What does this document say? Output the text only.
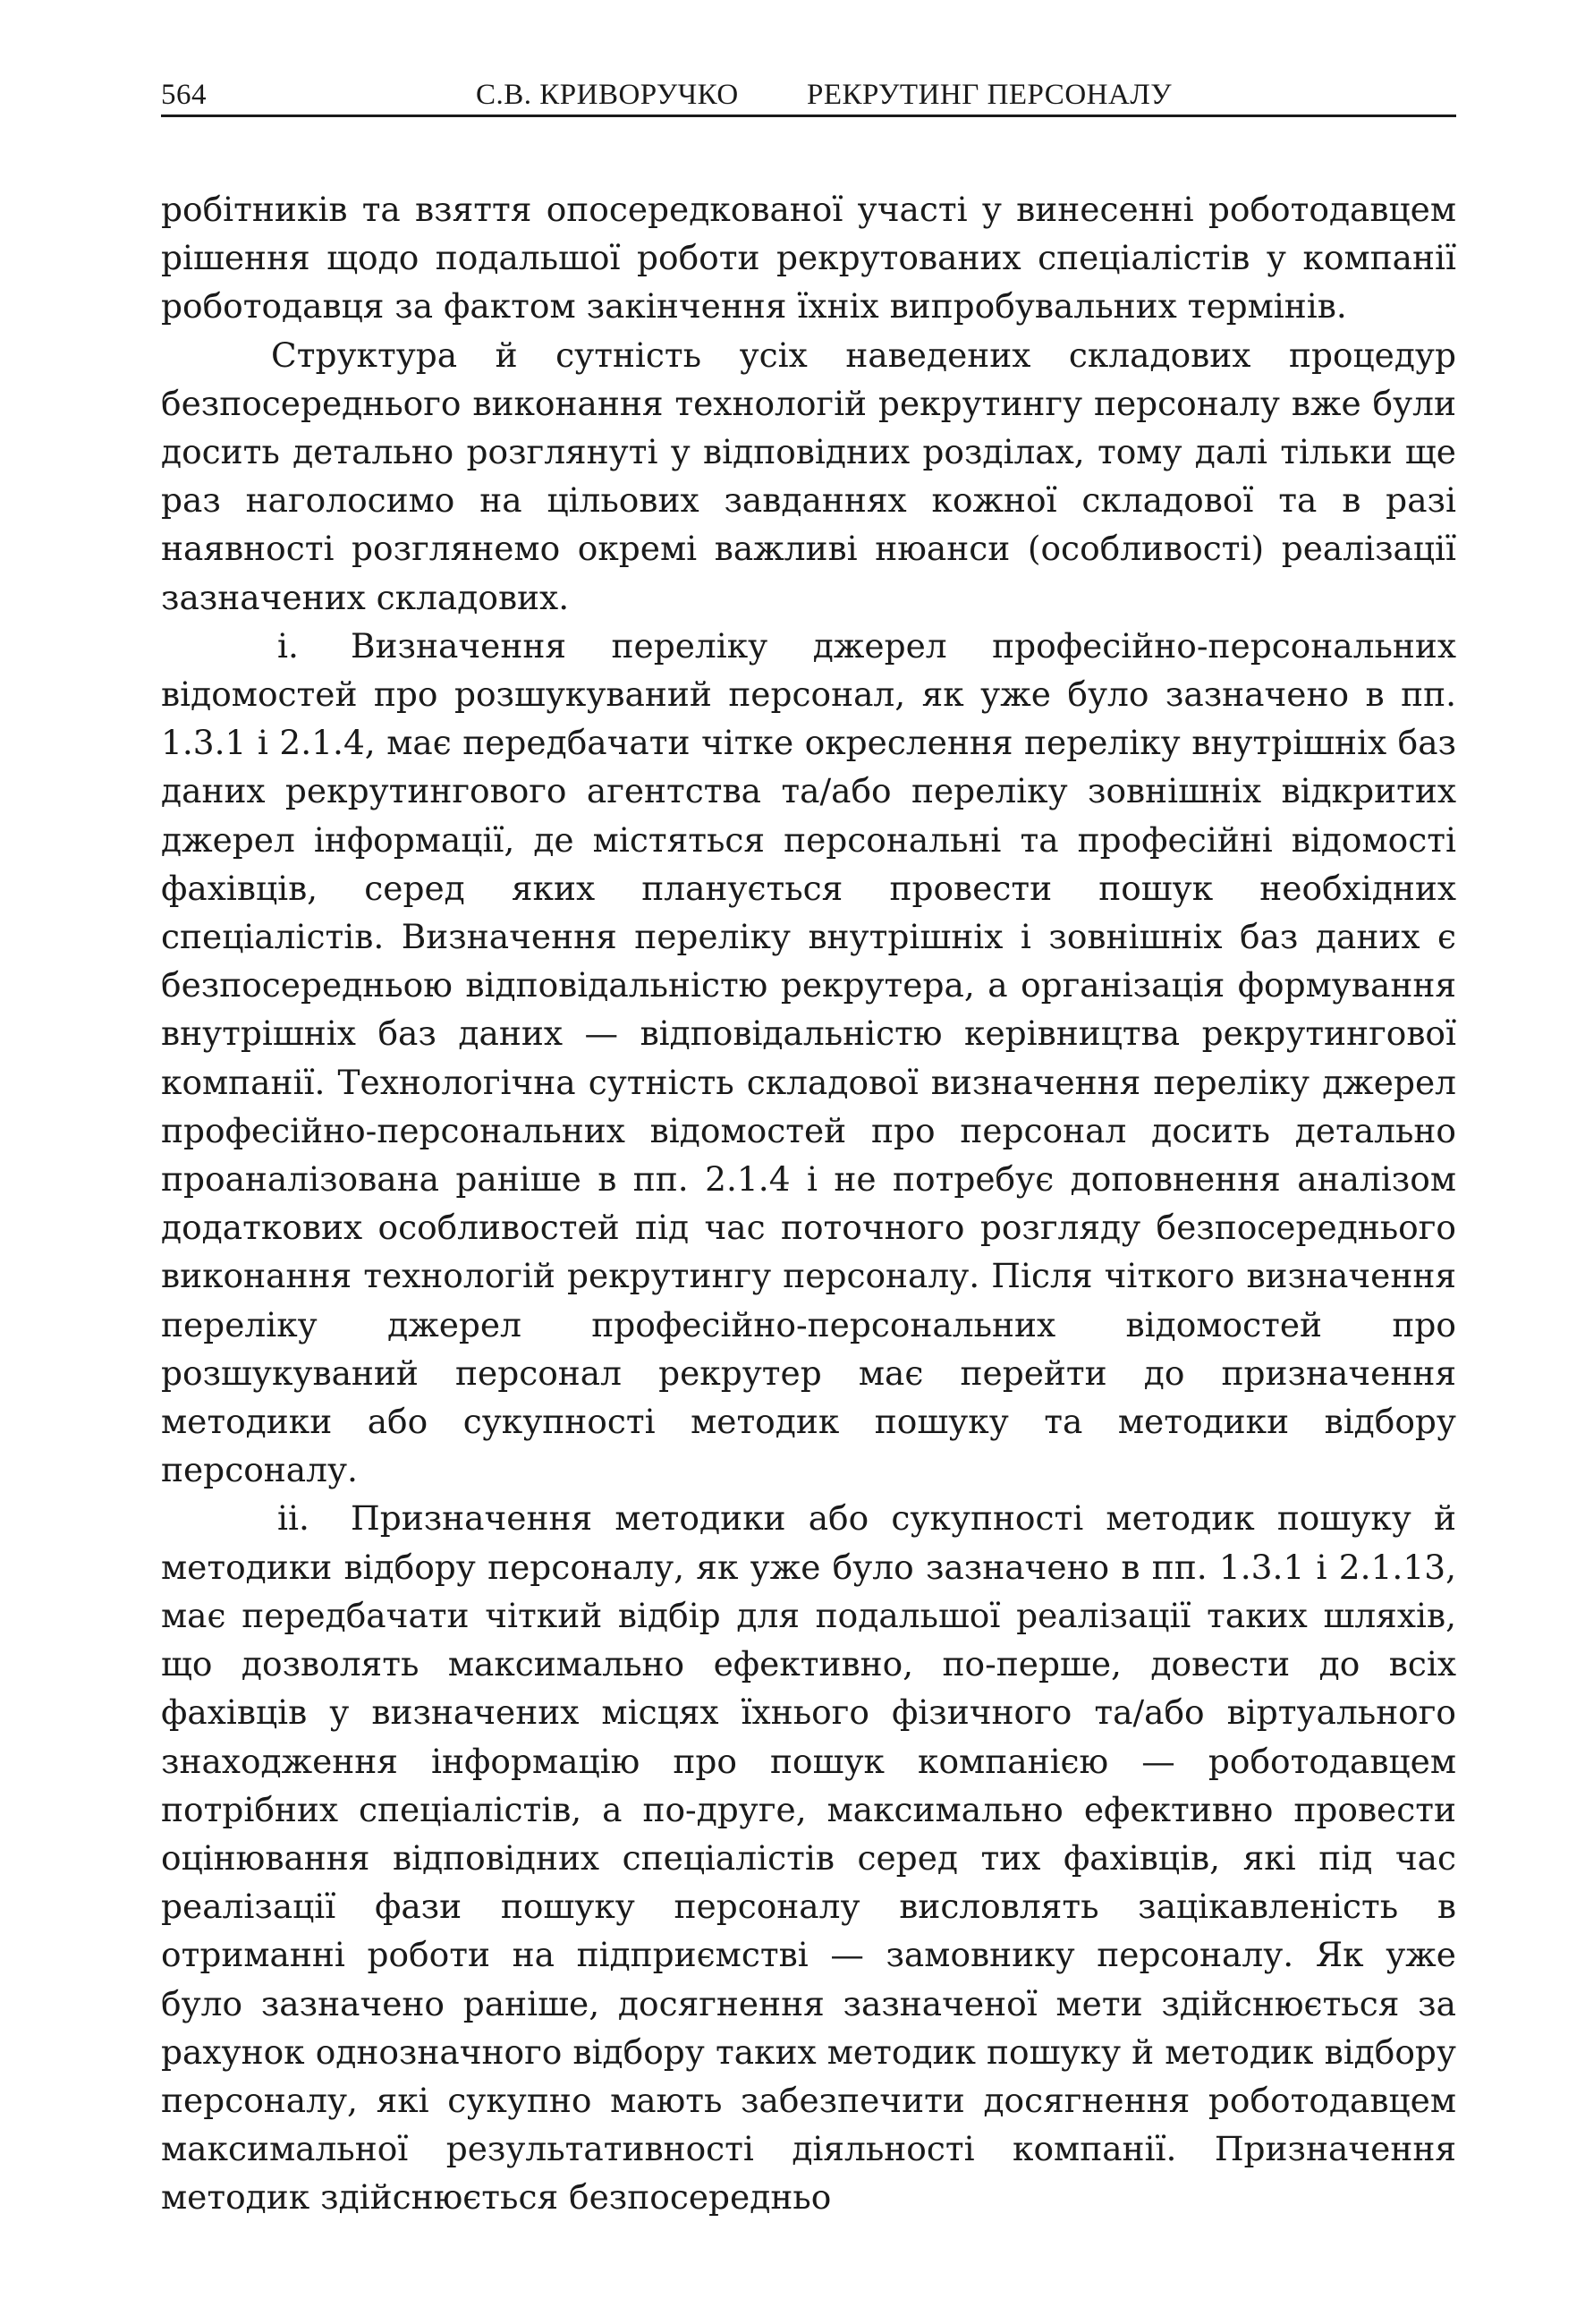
564	С.В. КРИВОРУЧКО РЕКРУТИНГ ПЕРСОНАЛУ

робітників та взяття опосередкованої участі у винесенні роботодавцем рішення щодо подальшої роботи рекрутованих спеціалістів у компанії роботодавця за фактом закінчення їхніх випробувальних термінів.

Структура й сутність усіх наведених складових процедур безпосереднього виконання технологій рекрутингу персоналу вже були досить детально розглянуті у відповідних розділах, тому далі тільки ще раз наголосимо на цільових завданнях кожної складової та в разі наявності розглянемо окремі важливі нюанси (особливості) реалізації зазначених складових.

i. Визначення переліку джерел професійно-персональних відомостей про розшукуваний персонал, як уже було зазначено в пп. 1.3.1 і 2.1.4, має передбачати чітке окреслення переліку внутрішніх баз даних рекрутингового агентства та/або переліку зовнішніх відкритих джерел інформації, де містяться персональні та професійні відомості фахівців, серед яких планується провести пошук необхідних спеціалістів. Визначення переліку внутрішніх і зовнішніх баз даних є безпосередньою відповідальністю рекрутера, а організація формування внутрішніх баз даних — відповідальністю керівництва рекрутингової компанії. Технологічна сутність складової визначення переліку джерел професійно-персональних відомостей про персонал досить детально проаналізована раніше в пп. 2.1.4 і не потребує доповнення аналізом додаткових особливостей під час поточного розгляду безпосереднього виконання технологій рекрутингу персоналу. Після чіткого визначення переліку джерел професійно-персональних відомостей про розшукуваний персонал рекрутер має перейти до призначення методики або сукупності методик пошуку та методики відбору персоналу.

ii. Призначення методики або сукупності методик пошуку й методики відбору персоналу, як уже було зазначено в пп. 1.3.1 і 2.1.13, має передбачати чіткий відбір для подальшої реалізації таких шляхів, що дозволять максимально ефективно, по-перше, довести до всіх фахівців у визначених місцях їхнього фізичного та/або віртуального знаходження інформацію про пошук компанією — роботодавцем потрібних спеціалістів, а по-друге, максимально ефективно провести оцінювання відповідних спеціалістів серед тих фахівців, які під час реалізації фази пошуку персоналу висловлять зацікавленість в отриманні роботи на підприємстві — замовнику персоналу. Як уже було зазначено раніше, досягнення зазначеної мети здійснюється за рахунок однозначного відбору таких методик пошуку й методик відбору персоналу, які сукупно мають забезпечити досягнення роботодавцем максимальної результативності діяльності компанії. Призначення методик здійснюється безпосередньо
